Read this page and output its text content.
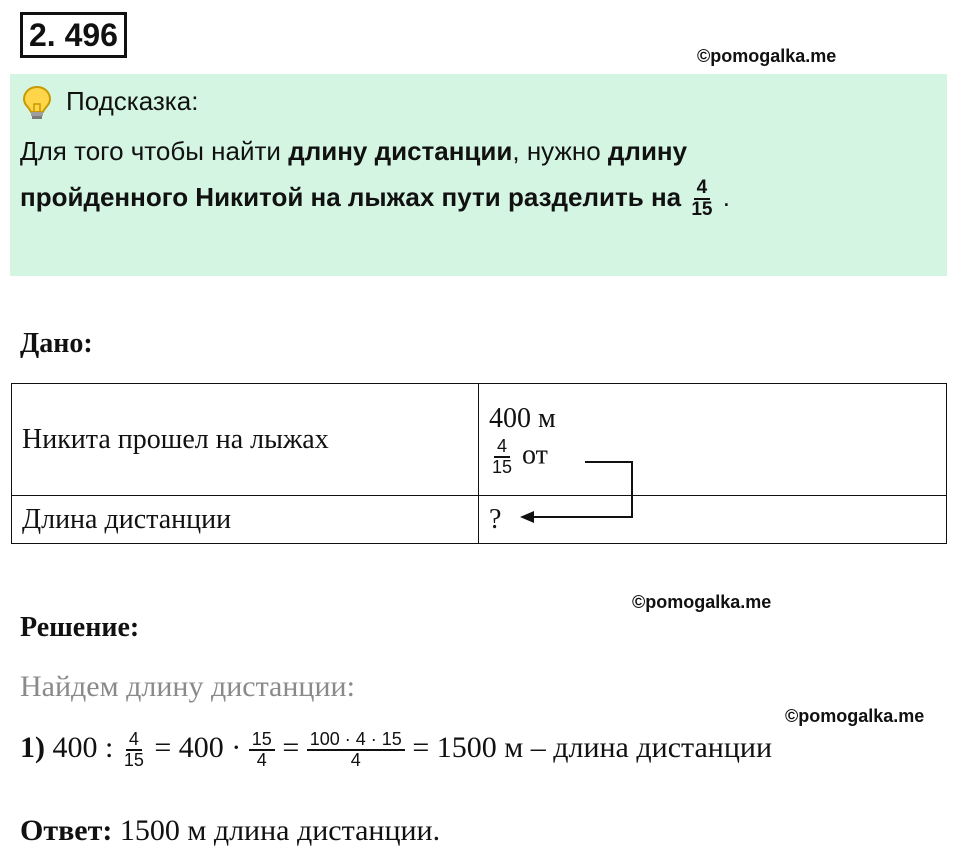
2. 496
©pomogalka.me
Подсказка:
Для того чтобы найти длину дистанции, нужно длину
пройденного Никитой на лыжах пути разделить на $\frac{4}{15}$ .
Дано:
Никита прошел на лыжах	400 м
$\frac{4}{15}$ от

Длина дистанции	?
©pomogalka.me
Решение:
Найдем длину дистанции:
©pomogalka.me
1) 400 : $\frac{4}{15} = 400 \cdot \frac{15}{4} = \frac{100 \cdot 4 \cdot 15}{4} = 1500$ м – длина дистанции
Ответ: 1500 м длина дистанции.
